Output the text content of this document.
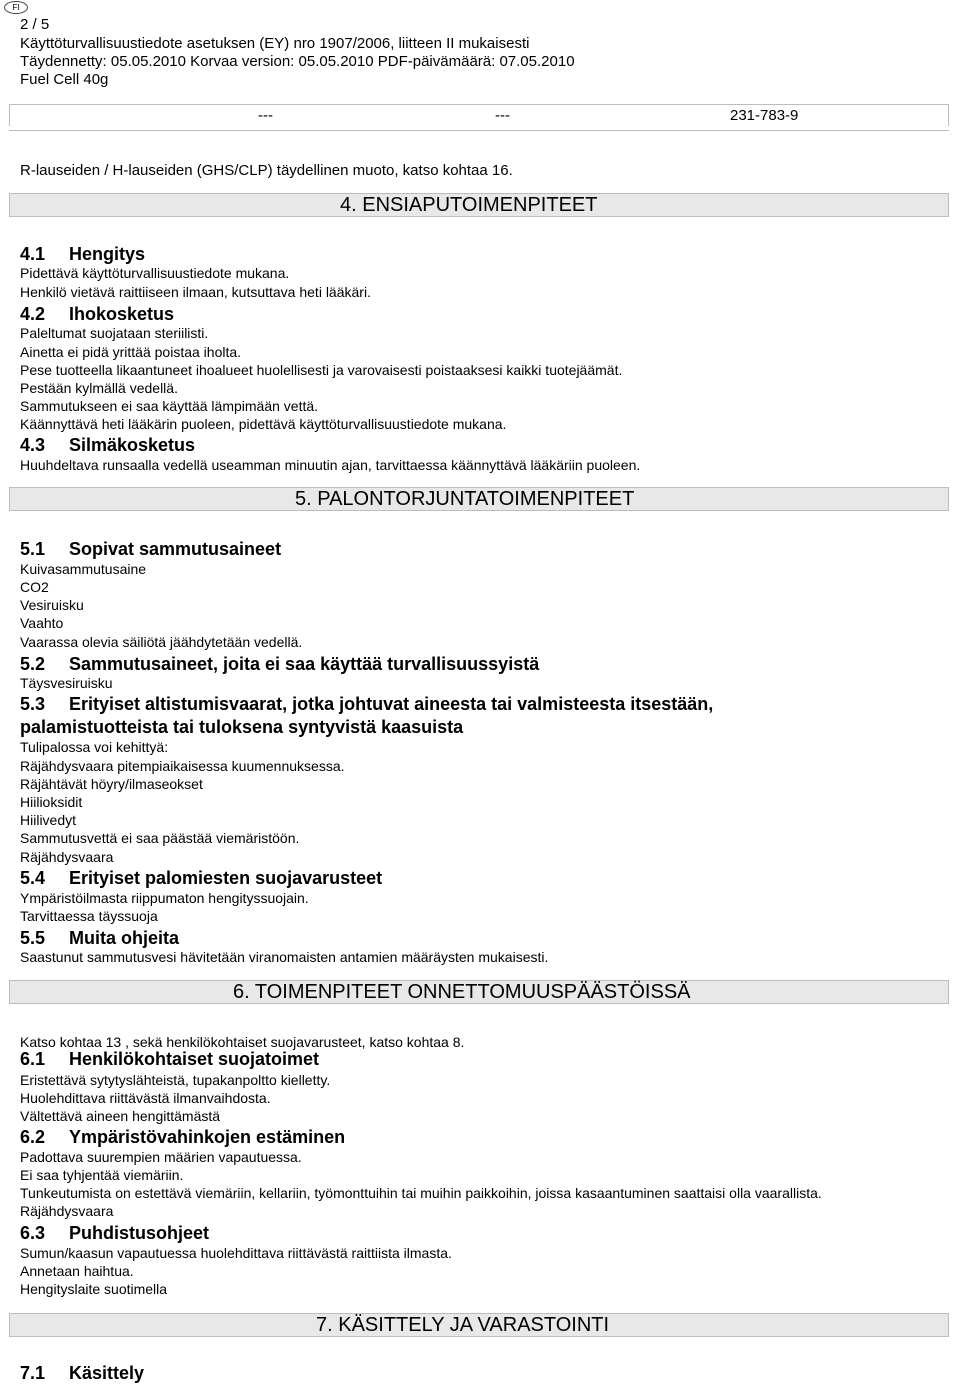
FI
2 / 5
Käyttöturvallisuustiedote asetuksen (EY) nro 1907/2006, liitteen II mukaisesti
Täydennetty: 05.05.2010 Korvaa version: 05.05.2010 PDF-päivämäärä: 07.05.2010
Fuel Cell 40g
---	---	231-783-9
R-lauseiden / H-lauseiden (GHS/CLP) täydellinen muoto, katso kohtaa 16.
4. ENSIAPUTOIMENPITEET
4.1 Hengitys
Pidettävä käyttöturvallisuustiedote mukana.
Henkilö vietävä raittiiseen ilmaan, kutsuttava heti lääkäri.
4.2 Ihokosketus
Paleltumat suojataan steriilisti.
Ainetta ei pidä yrittää poistaa iholta.
Pese tuotteella likaantuneet ihoalueet huolellisesti ja varovaisesti poistaaksesi kaikki tuotejäämät.
Pestään kylmällä vedellä.
Sammutukseen ei saa käyttää lämpimään vettä.
Käännyttävä heti lääkärin puoleen, pidettävä käyttöturvallisuustiedote mukana.
4.3 Silmäkosketus
Huuhdeltava runsaalla vedellä useamman minuutin ajan, tarvittaessa käännyttävä lääkäriin puoleen.
5. PALONTORJUNTATOIMENPITEET
5.1 Sopivat sammutusaineet
Kuivasammutusaine
CO2
Vesiruisku
Vaahto
Vaarassa olevia säiliötä jäähdytetään vedellä.
5.2 Sammutusaineet, joita ei saa käyttää turvallisuussyistä
Täysvesiruisku
5.3 Erityiset altistumisvaarat, jotka johtuvat aineesta tai valmisteesta itsestään,
palamistuotteista tai tuloksena syntyvistä kaasuista
Tulipalossa voi kehittyä:
Räjähdysvaara pitempiaikaisessa kuumennuksessa.
Räjähtävät höyry/ilmaseokset
Hiilioksidit
Hiilivedyt
Sammutusvettä ei saa päästää viemäristöön.
Räjähdysvaara
5.4 Erityiset palomiesten suojavarusteet
Ympäristöilmasta riippumaton hengityssuojain.
Tarvittaessa täyssuoja
5.5 Muita ohjeita
Saastunut sammutusvesi hävitetään viranomaisten antamien määräysten mukaisesti.
6. TOIMENPITEET ONNETTOMUUSPÄÄSTÖISSÄ
Katso kohtaa 13 , sekä henkilökohtaiset suojavarusteet, katso kohtaa 8.
6.1 Henkilökohtaiset suojatoimet
Eristettävä sytytyslähteistä, tupakanpoltto kielletty.
Huolehdittava riittävästä ilmanvaihdosta.
Vältettävä aineen hengittämästä
6.2 Ympäristövahinkojen estäminen
Padottava suurempien määrien vapautuessa.
Ei saa tyhjentää viemäriin.
Tunkeutumista on estettävä viemäriin, kellariin, työmonttuihin tai muihin paikkoihin, joissa kasaantuminen saattaisi olla vaarallista.
Räjähdysvaara
6.3 Puhdistusohjeet
Sumun/kaasun vapautuessa huolehdittava riittävästä raittiista ilmasta.
Annetaan haihtua.
Hengityslaite suotimella
7. KÄSITTELY JA VARASTOINTI
7.1 Käsittely
